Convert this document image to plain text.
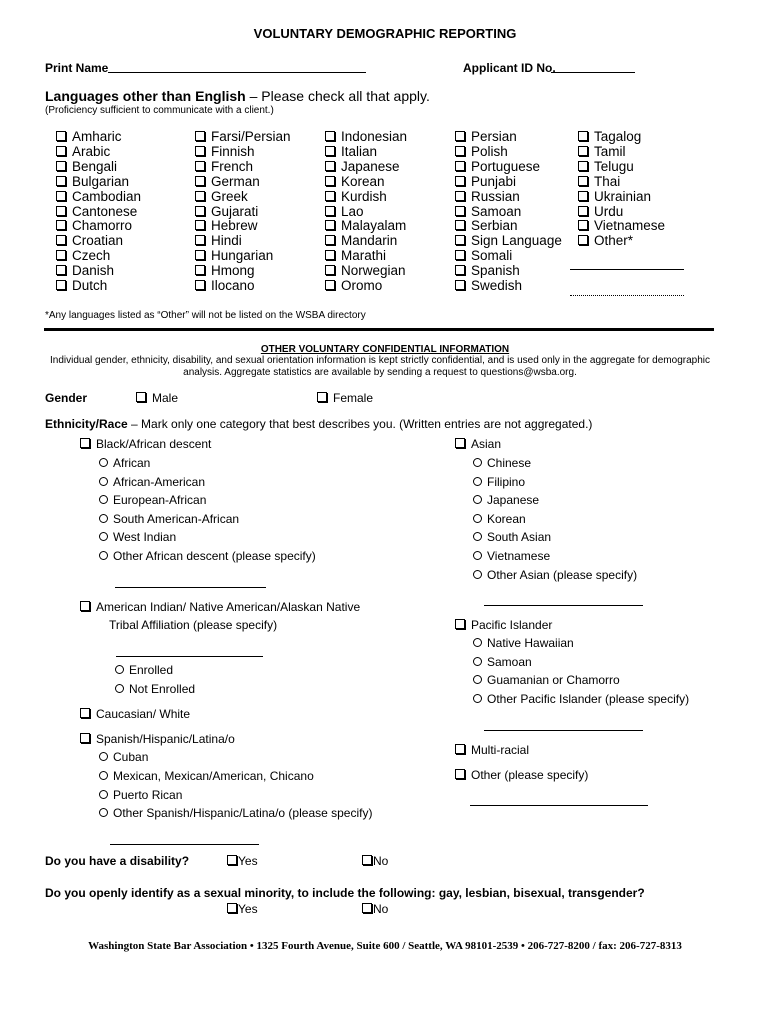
VOLUNTARY DEMOGRAPHIC REPORTING
Print Name	Applicant ID No.
Languages other than English – Please check all that apply.
(Proficiency sufficient to communicate with a client.)
Amharic
Arabic
Bengali
Bulgarian
Cambodian
Cantonese
Chamorro
Croatian
Czech
Danish
Dutch
Farsi/Persian
Finnish
French
German
Greek
Gujarati
Hebrew
Hindi
Hungarian
Hmong
Ilocano
Indonesian
Italian
Japanese
Korean
Kurdish
Lao
Malayalam
Mandarin
Marathi
Norwegian
Oromo
Persian
Polish
Portuguese
Punjabi
Russian
Samoan
Serbian
Sign Language
Somali
Spanish
Swedish
Tagalog
Tamil
Telugu
Thai
Ukrainian
Urdu
Vietnamese
Other*
*Any languages listed as “Other” will not be listed on the WSBA directory
OTHER VOLUNTARY CONFIDENTIAL INFORMATION
Individual gender, ethnicity, disability, and sexual orientation information is kept strictly confidential, and is used only in the aggregate for demographic
analysis. Aggregate statistics are available by sending a request to questions@wsba.org.
Gender	Male	Female
Ethnicity/Race – Mark only one category that best describes you. (Written entries are not aggregated.)
Black/African descent
African
African-American
European-African
South American-African
West Indian
Other African descent (please specify)
Asian
Chinese
Filipino
Japanese
Korean
South Asian
Vietnamese
Other Asian (please specify)
American Indian/ Native American/Alaskan Native
Tribal Affiliation (please specify)
Enrolled
Not Enrolled
Pacific Islander
Native Hawaiian
Samoan
Guamanian or Chamorro
Other Pacific Islander (please specify)
Caucasian/ White
Spanish/Hispanic/Latina/o
Cuban
Mexican, Mexican/American, Chicano
Puerto Rican
Other Spanish/Hispanic/Latina/o (please specify)
Multi-racial
Other (please specify)
Do you have a disability?	Yes	No
Do you openly identify as a sexual minority, to include the following: gay, lesbian, bisexual, transgender?
Yes	No
Washington State Bar Association • 1325 Fourth Avenue, Suite 600 / Seattle, WA 98101-2539 • 206-727-8200 / fax: 206-727-8313
